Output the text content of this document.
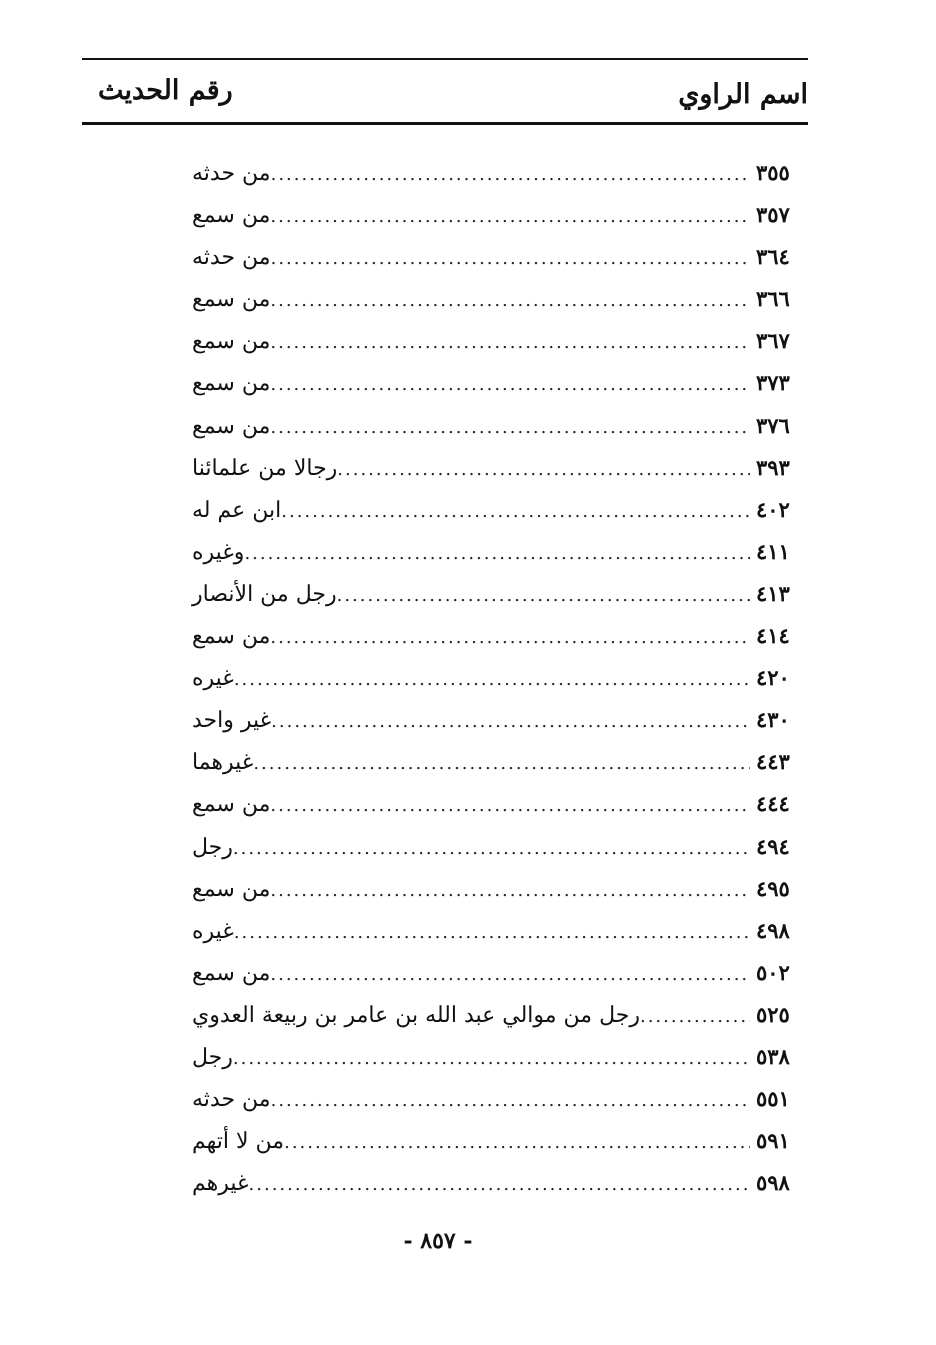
اسم الراوي
رقم الحديث
من حدثه .....	٣٥٥
من سمع .....	٣٥٧
من حدثه .....	٣٦٤
من سمع .....	٣٦٦
من سمع .....	٣٦٧
من سمع .....	٣٧٣
من سمع .....	٣٧٦
رجالا من علمائنا .....	٣٩٣
ابن عم له .....	٤٠٢
وغيره .....	٤١١
رجل من الأنصار .....	٤١٣
من سمع .....	٤١٤
غيره .....	٤٢٠
غير واحد .....	٤٣٠
غيرهما .....	٤٤٣
من سمع .....	٤٤٤
رجل .....	٤٩٤
من سمع .....	٤٩٥
غيره .....	٤٩٨
من سمع .....	٥٠٢
رجل من موالي عبد الله بن عامر بن ربيعة العدوي .....	٥٢٥
رجل .....	٥٣٨
من حدثه .....	٥٥١
من لا أتهم .....	٥٩١
غيرهم .....	٥٩٨
- ٨٥٧ -
